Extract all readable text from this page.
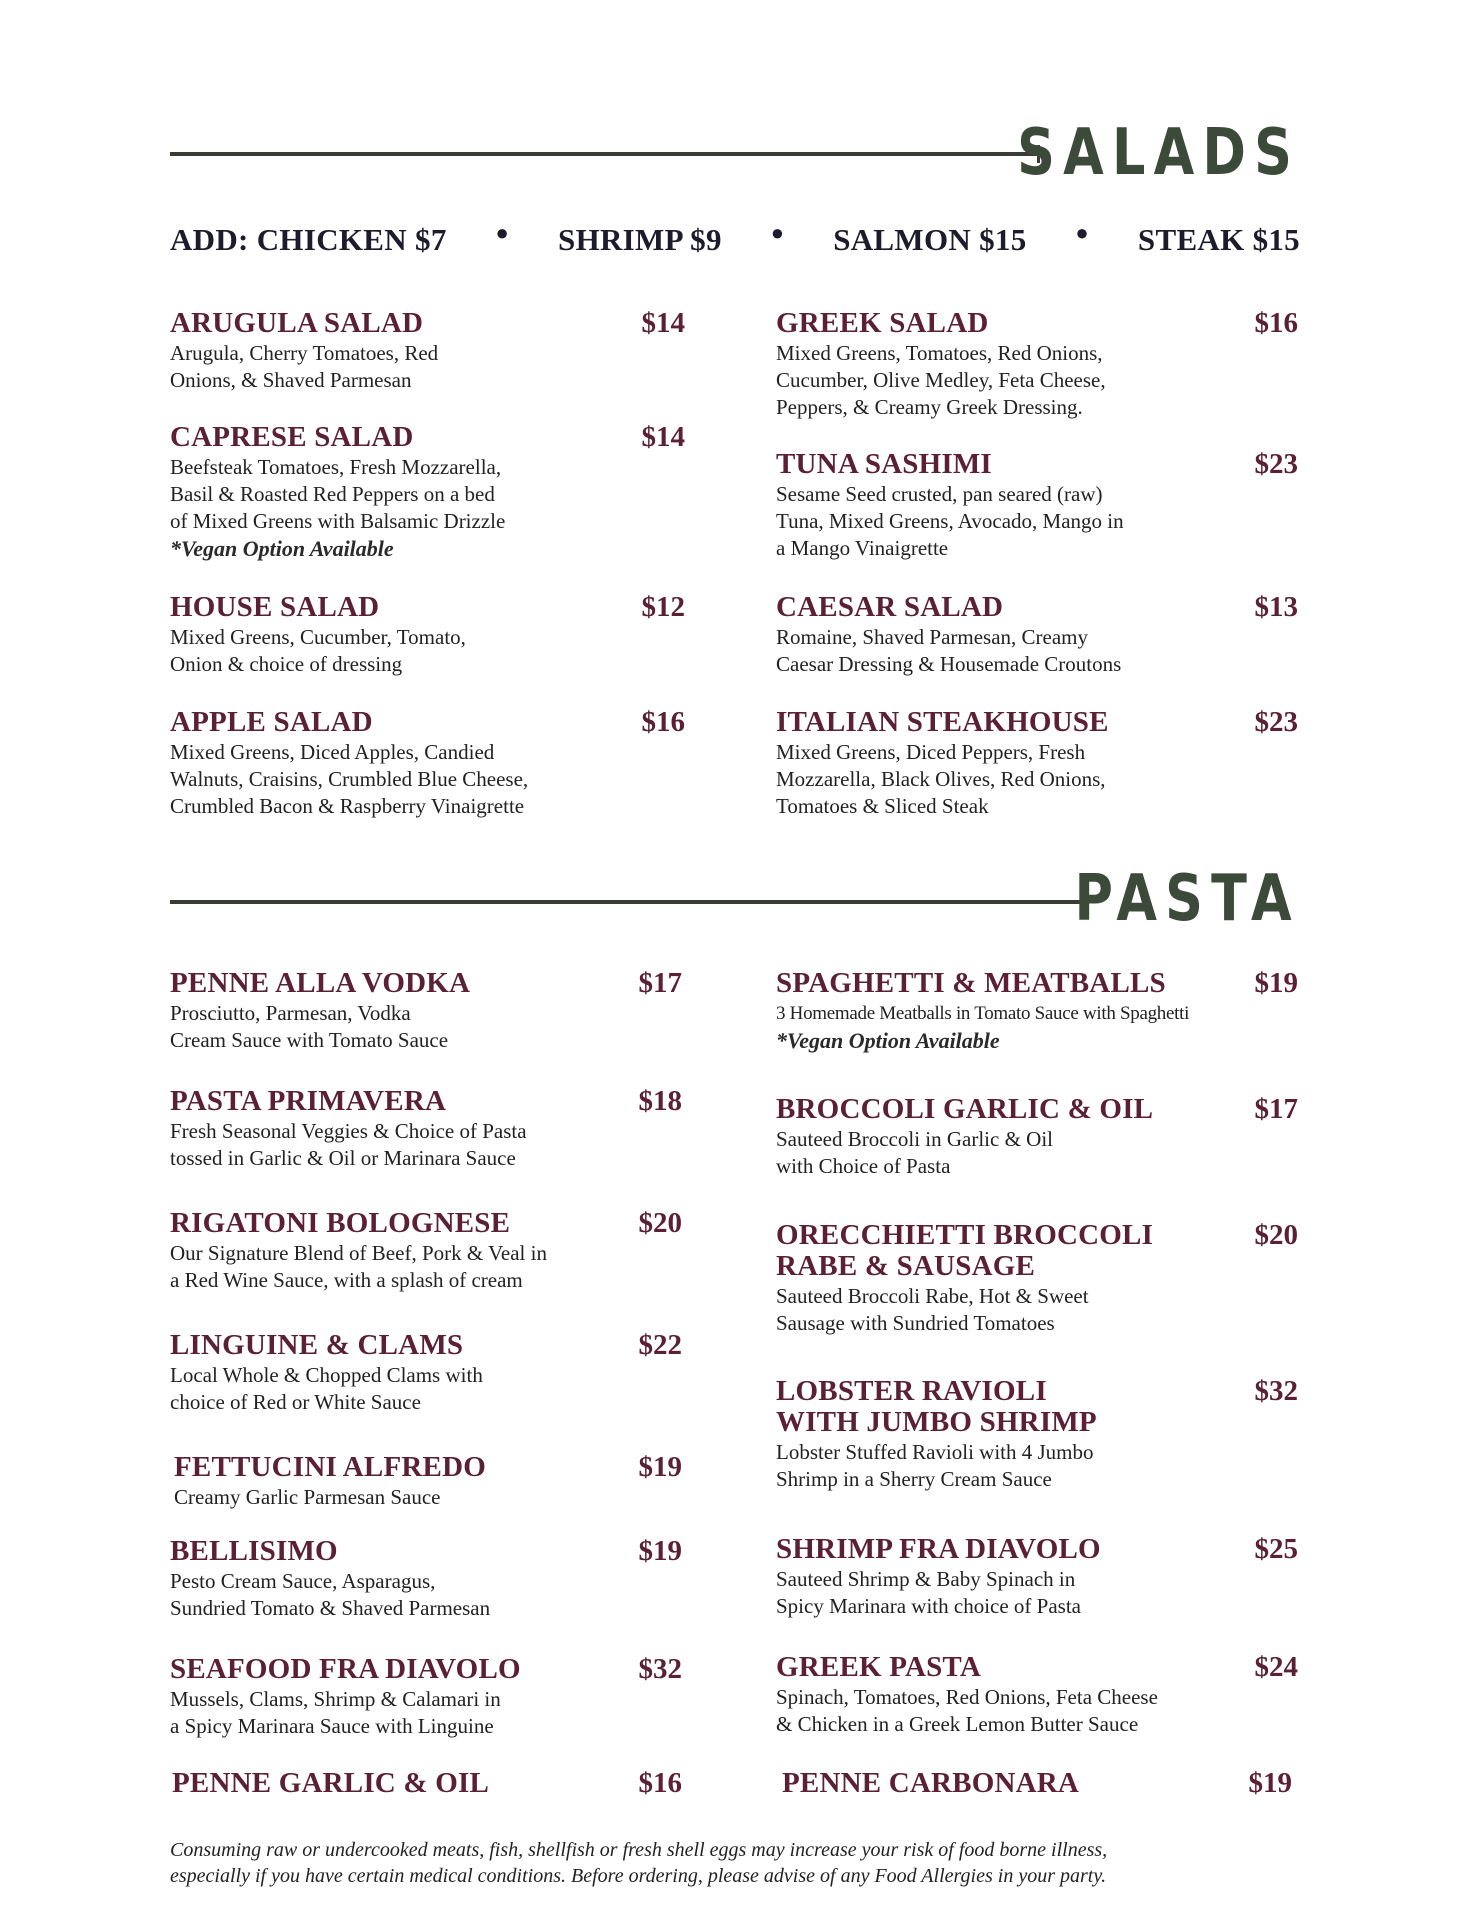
SALADS
ADD: CHICKEN $7 ● SHRIMP $9 ● SALMON $15 ● STEAK $15
ARUGULA SALAD	$14
Arugula, Cherry Tomatoes, Red
Onions, & Shaved Parmesan
CAPRESE SALAD	$14
Beefsteak Tomatoes, Fresh Mozzarella,
Basil & Roasted Red Peppers on a bed
of Mixed Greens with Balsamic Drizzle
*Vegan Option Available
HOUSE SALAD	$12
Mixed Greens, Cucumber, Tomato,
Onion & choice of dressing
APPLE SALAD	$16
Mixed Greens, Diced Apples, Candied
Walnuts, Craisins, Crumbled Blue Cheese,
Crumbled Bacon & Raspberry Vinaigrette
GREEK SALAD	$16
Mixed Greens, Tomatoes, Red Onions,
Cucumber, Olive Medley, Feta Cheese,
Peppers, & Creamy Greek Dressing.
TUNA SASHIMI	$23
Sesame Seed crusted, pan seared (raw)
Tuna, Mixed Greens, Avocado, Mango in
a Mango Vinaigrette
CAESAR SALAD	$13
Romaine, Shaved Parmesan, Creamy
Caesar Dressing & Housemade Croutons
ITALIAN STEAKHOUSE	$23
Mixed Greens, Diced Peppers, Fresh
Mozzarella, Black Olives, Red Onions,
Tomatoes & Sliced Steak
PASTA
PENNE ALLA VODKA	$17
Prosciutto, Parmesan, Vodka
Cream Sauce with Tomato Sauce
PASTA PRIMAVERA	$18
Fresh Seasonal Veggies & Choice of Pasta
tossed in Garlic & Oil or Marinara Sauce
RIGATONI BOLOGNESE	$20
Our Signature Blend of Beef, Pork & Veal in
a Red Wine Sauce, with a splash of cream
LINGUINE & CLAMS	$22
Local Whole & Chopped Clams with
choice of Red or White Sauce
FETTUCINI ALFREDO	$19
Creamy Garlic Parmesan Sauce
BELLISIMO	$19
Pesto Cream Sauce, Asparagus,
Sundried Tomato & Shaved Parmesan
SEAFOOD FRA DIAVOLO	$32
Mussels, Clams, Shrimp & Calamari in
a Spicy Marinara Sauce with Linguine
PENNE GARLIC & OIL	$16
SPAGHETTI & MEATBALLS	$19
3 Homemade Meatballs in Tomato Sauce with Spaghetti
*Vegan Option Available
BROCCOLI GARLIC & OIL	$17
Sauteed Broccoli in Garlic & Oil
with Choice of Pasta
ORECCHIETTI BROCCOLI
RABE & SAUSAGE
$20
Sauteed Broccoli Rabe, Hot & Sweet
Sausage with Sundried Tomatoes
LOBSTER RAVIOLI
WITH JUMBO SHRIMP
$32
Lobster Stuffed Ravioli with 4 Jumbo
Shrimp in a Sherry Cream Sauce
SHRIMP FRA DIAVOLO	$25
Sauteed Shrimp & Baby Spinach in
Spicy Marinara with choice of Pasta
GREEK PASTA	$24
Spinach, Tomatoes, Red Onions, Feta Cheese
& Chicken in a Greek Lemon Butter Sauce
PENNE CARBONARA	$19
Consuming raw or undercooked meats, fish, shellfish or fresh shell eggs may increase your risk of food borne illness,
especially if you have certain medical conditions. Before ordering, please advise of any Food Allergies in your party.
